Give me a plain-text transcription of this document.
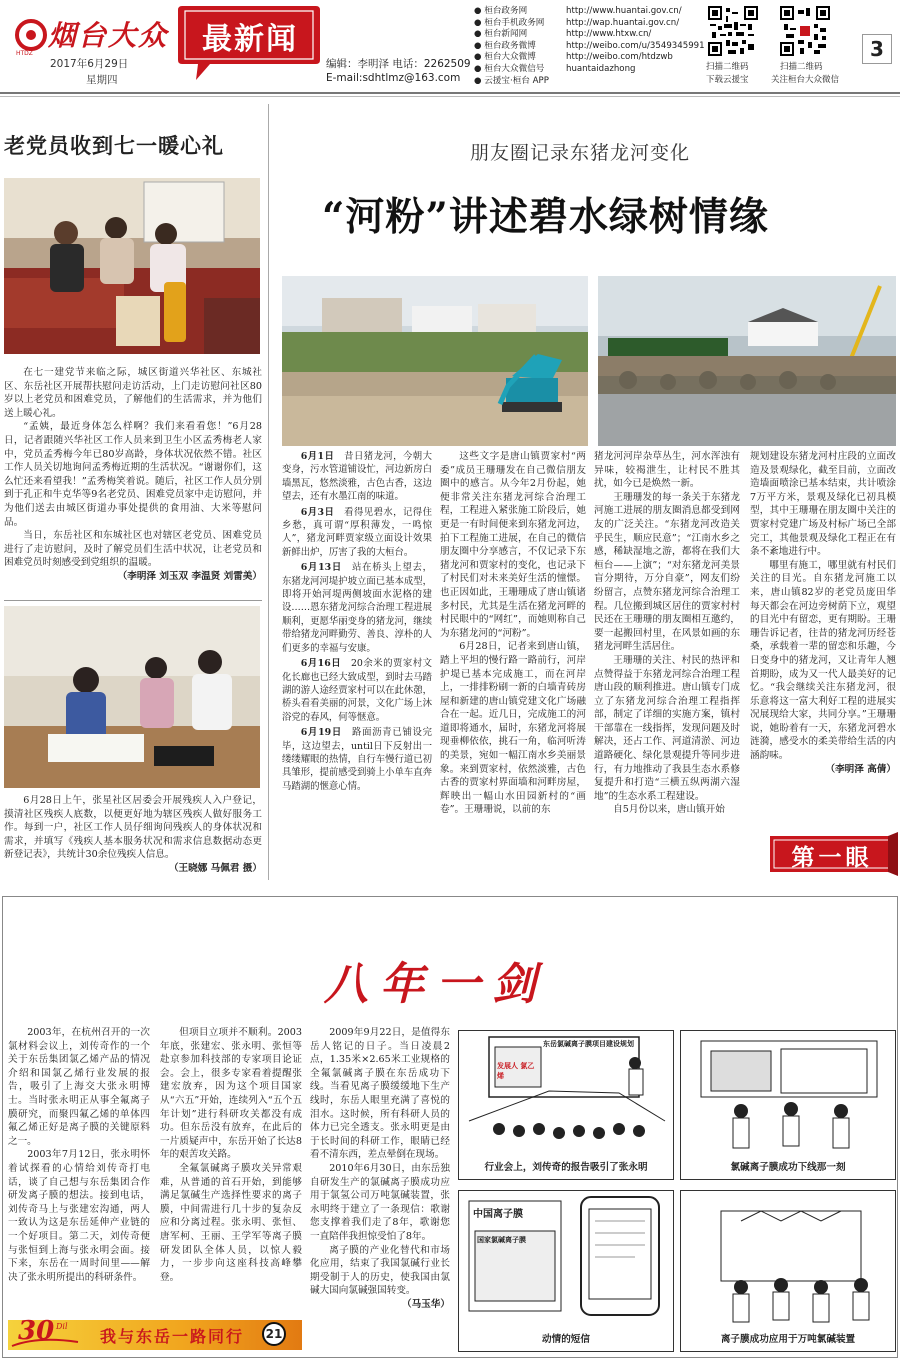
烟台大众
HTDZ
2017年6月29日
星期四
最新闻
编辑：李明泽 电话：2262509
E-mail:sdhtlmz@163.com
● 桓台政务网	http://www.huantai.gov.cn/
● 桓台手机政务网	http://wap.huantai.gov.cn/
● 桓台新闻网	http://www.htxw.cn/
● 桓台政务微博	http://weibo.com/u/3549345991
● 桓台大众微博	http://weibo.com/htdzwb
● 桓台大众微信号	huantaidazhong
● 云援宝·桓台 APP
扫描二维码
下载云援宝
扫描二维码
关注桓台大众微信
3
老党员收到七一暖心礼

在七一建党节来临之际，城区街道兴华社区、东城社区、东岳社区开展帮扶慰问走访活动，上门走访慰问社区80岁以上老党员和困难党员，了解他们的生活需求，并为他们送上暖心礼。

“孟姨，最近身体怎么样啊？我们来看看您！”6月28日，记者跟随兴华社区工作人员来到卫生小区孟秀梅老人家中，党员孟秀梅今年已80岁高龄，身体状况依然不错。社区工作人员关切地询问孟秀梅近期的生活状况。“谢谢你们，这么忙还来看望我！”孟秀梅笑着说。随后，社区工作人员分别到于孔正和牛克华等9名老党员、困难党员家中走访慰问，并为他们送去由城区街道办事处提供的食用油、大米等慰问品。

当日，东岳社区和东城社区也对辖区老党员、困难党员进行了走访慰问，及时了解党员们生活中状况，让老党员和困难党员时刻感受到党组织的温暖。

（李明泽 刘玉双 李温贤 刘雷美）

6月28日上午，张星社区居委会开展残疾人入户登记，摸清社区残疾人底数，以便更好地为辖区残疾人做好服务工作。每到一户，社区工作人员仔细询问残疾人的身体状况和需求，并填写《残疾人基本服务状况和需求信息数据动态更新登记表》，共统计30余位残疾人信息。

（王晓娜 马佩君 摄）

朋友圈记录东猪龙河变化
“河粉”讲述碧水绿树情缘

6月1日　 昔日猪龙河，今朝大变身，污水管道铺设忙，河边新房白墙黑瓦，悠然淡雅，古色古香，这边望去，还有水墨江南的味道。

6月3日　 看得见碧水，记得住乡愁，真可谓“厚积薄发，一鸣惊人”，猪龙河畔贾家级立面设计效果新鲜出炉，厉害了我的大桓台。

6月13日　 站在桥头上望去，东猪龙河河堤护坡立面已基本成型，即将开始河堤两侧坡面水泥格的建设……恩东猪龙河综合治理工程进展顺利，更愿华丽变身的猪龙河，继续带给猪龙河畔勤劳、善良、淳朴的人们更多的幸福与安康。

6月16日　 20余米的贾家村文化长廊也已经大致成型，到时去马踏湖的游人途经贾家村可以在此休憩，桥头看看美丽的河景，文化广场上沐浴党的春风，何等惬意。

6月19日　 路面沥青已铺设完毕，这边望去，until日下反射出一缕缕耀眼的热情，自行车慢行道已初具雏形，提前感受到骑上小单车直奔马踏湖的惬意心情。

这些文字是唐山镇贾家村“两委”成员王珊珊发在自己微信朋友圈中的感言。从今年2月份起，她便非常关注东猪龙河综合治理工程，工程进入紧张施工阶段后，她更是一有时间便来到东猪龙河边，拍下工程施工进展，在自己的微信朋友圈中分享感言，不仅记录下东猪龙河和贾家村的变化，也记录下了村民们对未来美好生活的憧憬。也正因如此，王珊珊成了唐山镇诸多村民，尤其是生活在猪龙河畔的村民眼中的“网红”，而她则称自己为东猪龙河的“河粉”。

6月28日，记者来到唐山镇，踏上平坦的慢行路一路前行，河岸护堤已基本完成施工，而在河岸上，一排排粉刷一新的白墙青砖房屋和新建的唐山镇党建文化广场融合在一起。近几日，完成施工的河道即将通水，届时，东猪龙河将展现垂柳依依，挑石一角，临河听涛的美景，宛如一幅江南水乡美丽景象。来到贾家村，依然淡雅，古色古香的贾家村界面墙和河畔房屋，辉映出一幅山水田园新村的“画卷”。王珊珊说，以前的东

猪龙河河岸杂草丛生，河水浑浊有异味，较褐泄生，让村民不胜其扰，如今已是焕然一新。

王珊珊发的每一条关于东猪龙河施工进展的朋友圈消息都受到网友的广泛关注。“东猪龙河改造关乎民生，顺应民意”；“江南水乡之感，稀缺湿地之游，都将在我们大桓台——上演”；“对东猪龙河美景盲分期待，万分自豪”，网友们纷纷留言，点赞东猪龙河综合治理工程。几位搬到城区居住的贾家村村民还在王珊珊的朋友圈相互邀约，要一起搬回村里，在风景如画的东猪龙河畔生活居住。

王珊珊的关注、村民的热评和点赞得益于东猪龙河综合治理工程唐山段的顺利推进。唐山镇专门成立了东猪龙河综合治理工程指挥部，制定了详细的实施方案，镇村干部靠在一线指挥，发现问题及时解决，还占工作、河道清淤、河边道路硬化、绿化景观提升等同步进行，有力地推动了我县生态水系修复提升和打造“三横五纵两湖六湿地”的生态水系工程建设。

自5月份以来，唐山镇开始

规划建设东猪龙河村庄段的立面改造及景观绿化，截至目前，立面改造墙面喷涂已基本结束，共计喷涂7万平方米，景观及绿化已初具模型，其中王珊珊在朋友圈中关注的贾家村党建广场及村标广场已全部完工，其他景观及绿化工程正在有条不紊地进行中。

哪里有施工，哪里就有村民们关注的目光。自东猪龙河施工以来，唐山镇82岁的老党员庞田华每天都会在河边旁树荫下立，观望的目光中有留恋，更有期盼。王珊珊告诉记者，往昔的猪龙河历经苍桑，承载着一辈的留恋和乐趣，今日变身中的猪龙河，又让青年人翘首期盼，成为又一代人最美好的记忆。“我会继续关注东猪龙河，很乐意将这一富大利好工程的进展实况展现给大家，共同分享。”王珊珊说，她盼着有一天，东猪龙河碧水涟漪，感受水的柔美带给生活的内涵韵味。

（李明泽 高倩）

第一眼
八年一剑

2003年，在杭州召开的一次氯材料会议上，刘传奇作的一个关于东岳集团氯乙烯产品的情况介绍和国氯乙烯行业发展的报告，吸引了上海交大张永明博士。当时张永明正从事全氟离子膜研究，而聚四氟乙烯的单体四氟乙烯正好是离子膜的关键原料之一。

2003年7月12日，张永明怀着试探看的心情给刘传奇打电话，谈了自己想与东岳集团合作研发离子膜的想法。接到电话，刘传奇马上与张建宏沟通，两人一致认为这是东岳延伸产业链的一个好项目。第二天，刘传奇便与张恒到上海与张永明会面。接下来，东岳在一周时间里——解决了张永明所提出的科研条件。

但项目立项并不顺利。2003年底，张建宏、张永明、张恒等赴京参加科技部的专家项目论证会。会上，很多专家看着提醒张建宏放弃，因为这个项目国家从“六五”开始，连续列入“五个五年计划”进行科研攻关都没有成功。但东岳没有放弃，在此后的一片质疑声中，东岳开始了长达8年的艰苦攻关路。

全氟氯碱离子膜攻关异常艰难，从普通的首石开始，到能够满足氯碱生产选择性要求的离子膜，中间需进行几十步的复杂反应和分离过程。张永明、张恒、唐军柯、王丽、王学军等离子膜研发团队全体人员，以惊人毅力，一步步向这座科技高峰攀登。

2009年9月22日，是值得东岳人铭记的日子。当日凌晨2点，1.35米×2.65米工业规格的全氟氯碱离子膜在东岳成功下线。当看见离子膜缓缓地下生产线时，东岳人眼里充满了喜悦的泪水。这时候，所有科研人员的体力已完全透支。张永明更是由于长时间的科研工作，眼睛已经看不清东西，差点晕倒在现场。

2010年6月30日，由东岳独自研发生产的氯碱离子膜成功应用于氯氢公司万吨氯碱装置，张永明终于建立了一条现信：歌谢您支撑着我们走了8年，歌谢您一直陪伴我担惊受怕了8年。

离子膜的产业化替代和市场化应用，结束了我国氯碱行业长期受制于人的历史，使我国由氯碱大国向氯碱强国转变。

（马玉华）

30 Dil
我与东岳一路同行 21
东岳氯碱离子膜项目建设规划
发展人 氯乙烯
行业会上，刘传奇的报告吸引了张永明	氯碱离子膜成功下线那一刻
中国离子膜
国家氯碱离子膜
动情的短信	离子膜成功应用于万吨氯碱装置
